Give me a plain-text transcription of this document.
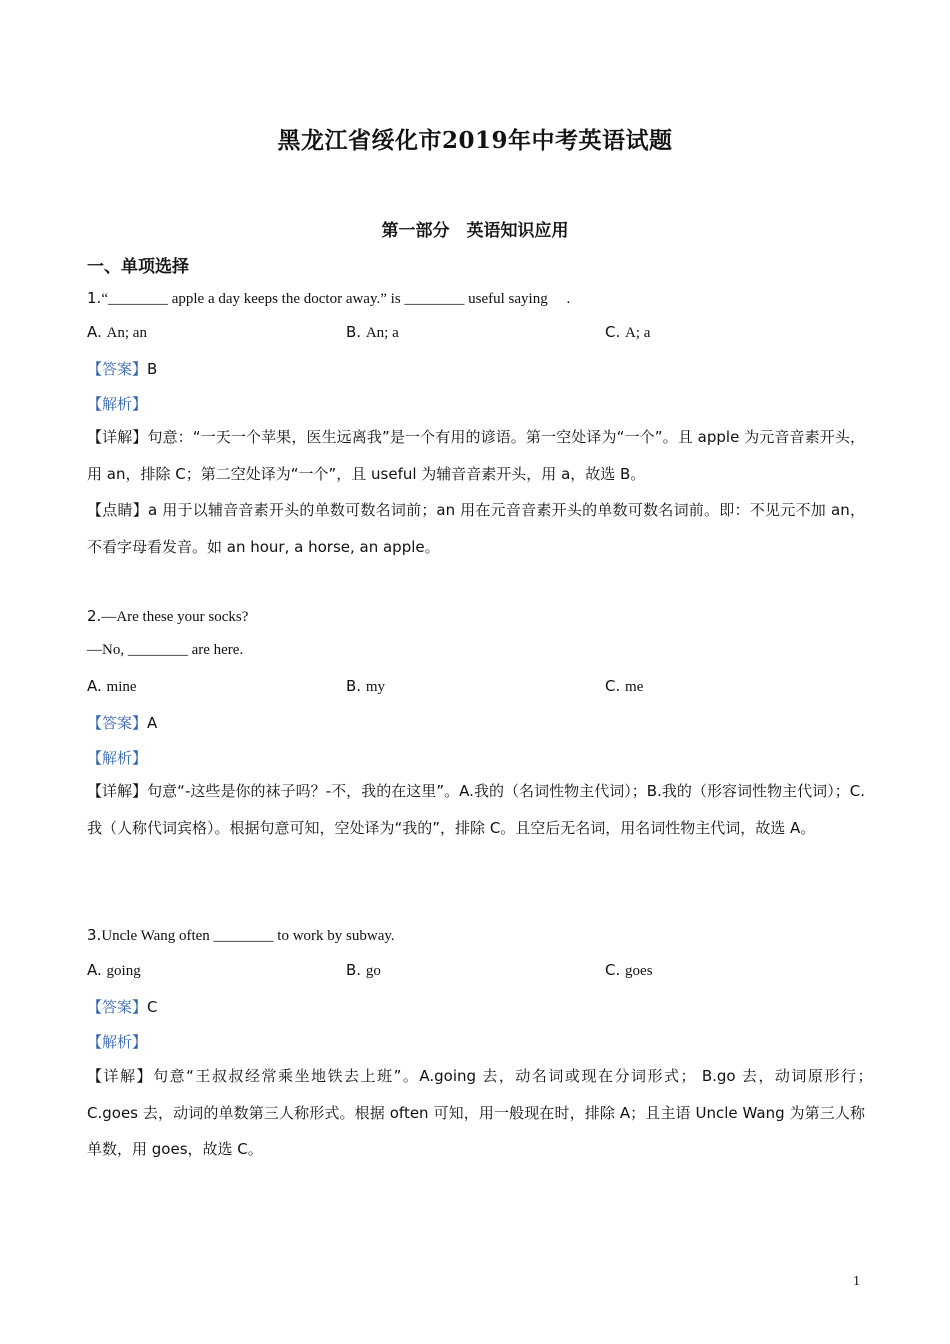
黑龙江省绥化市2019年中考英语试题
第一部分　英语知识应用
一、单项选择
1.“________ apple a day keeps the doctor away.” is ________ useful saying　 .
A. An; an	B. An; a	C. A; a
【答案】B
【解析】
【详解】句意：“一天一个苹果，医生远离我”是一个有用的谚语。第一空处译为“一个”。且 apple 为元音音素开头，用 an，排除 C；第二空处译为“一个”，且 useful 为辅音音素开头，用 a，故选 B。
【点睛】a 用于以辅音音素开头的单数可数名词前；an 用在元音音素开头的单数可数名词前。即：不见元不加 an，不看字母看发音。如 an hour, a horse, an apple。
2.—Are these your socks?
—No, ________ are here.
A. mine	B. my	C. me
【答案】A
【解析】
【详解】句意“-这些是你的袜子吗？-不，我的在这里”。A.我的（名词性物主代词）；B.我的（形容词性物主代词）；C.我（人称代词宾格）。根据句意可知，空处译为“我的”，排除 C。且空后无名词，用名词性物主代词，故选 A。
3.Uncle Wang often ________ to work by subway.
A. going	B. go	C. goes
【答案】C
【解析】
【详解】句意“王叔叔经常乘坐地铁去上班”。A.going 去，动名词或现在分词形式； B.go 去，动词原形行；　　C.goes 去，动词的单数第三人称形式。根据 often 可知，用一般现在时，排除 A；且主语 Uncle Wang 为第三人称单数，用 goes，故选 C。
1
